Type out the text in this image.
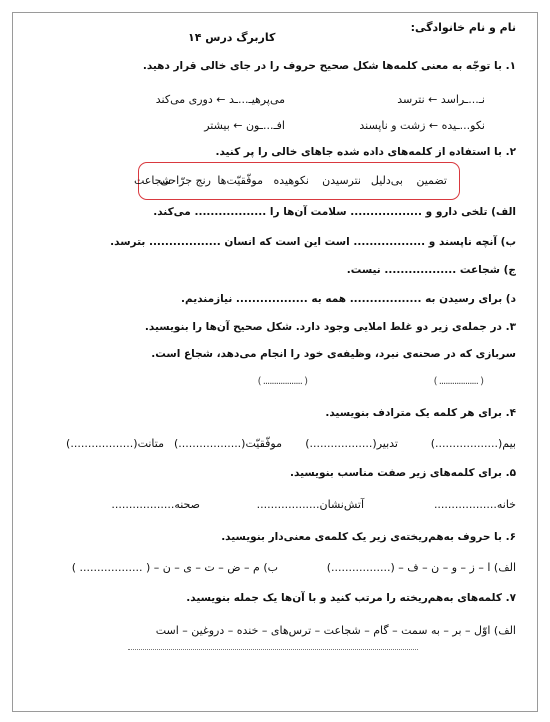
نام و نام خانوادگی:
کاربرگ درس ۱۴
۱. با توجّه به معنی کلمه‌ها شکل صحیح حروف را در جای خالی قرار دهید.
نـ...ـراسد ← نترسد
می‌پرهیـ...ـد ← دوری می‌کند
نکو...ـیده ← زشت و ناپسند
افـ...ـون ← بیشتر
۲. با استفاده از کلمه‌های داده شده جاهای خالی را پر کنید.
تضمین
بی‌دلیل
نترسیدن
نکوهیده
موفّقیّت‌ها
رنج جرّاحی
شجاعت
الف) تلخی دارو و .................. سلامت آن‌ها را .................. می‌کند.
ب) آنچه ناپسند و .................. است این است که انسان .................. بترسد.
ج) شجاعت .................. نیست.
د) برای رسیدن به .................. همه به .................. نیازمندیم.
۳. در جمله‌ی زیر دو غلط املایی وجود دارد. شکل صحیح آن‌ها را بنویسید.
سربازی که در صحنه‌ی نبرد، وظیفه‌ی خود را انجام می‌دهد، شجاع است.
( .................. )
( .................. )
۴. برای هر کلمه یک مترادف بنویسید.
بیم(..................)
تدبیر(..................)
موفّقیّت(..................)
متانت(..................)
۵. برای کلمه‌های زیر صفت مناسب بنویسید.
خانه..................
آتش‌نشان..................
صحنه..................
۶. با حروف به‌هم‌ریخته‌ی زیر یک کلمه‌ی معنی‌دار بنویسید.
الف) ا – ز – و – ن – ف – (.................)
ب) م – ض – ت – ی – ن – ( .................. )
۷. کلمه‌های به‌هم‌ریخته را مرتب کنید و با آن‌ها یک جمله بنویسید.
الف) اوّل – بر – به سمت – گام – شجاعت – ترس‌های – خنده – دروغین – است
